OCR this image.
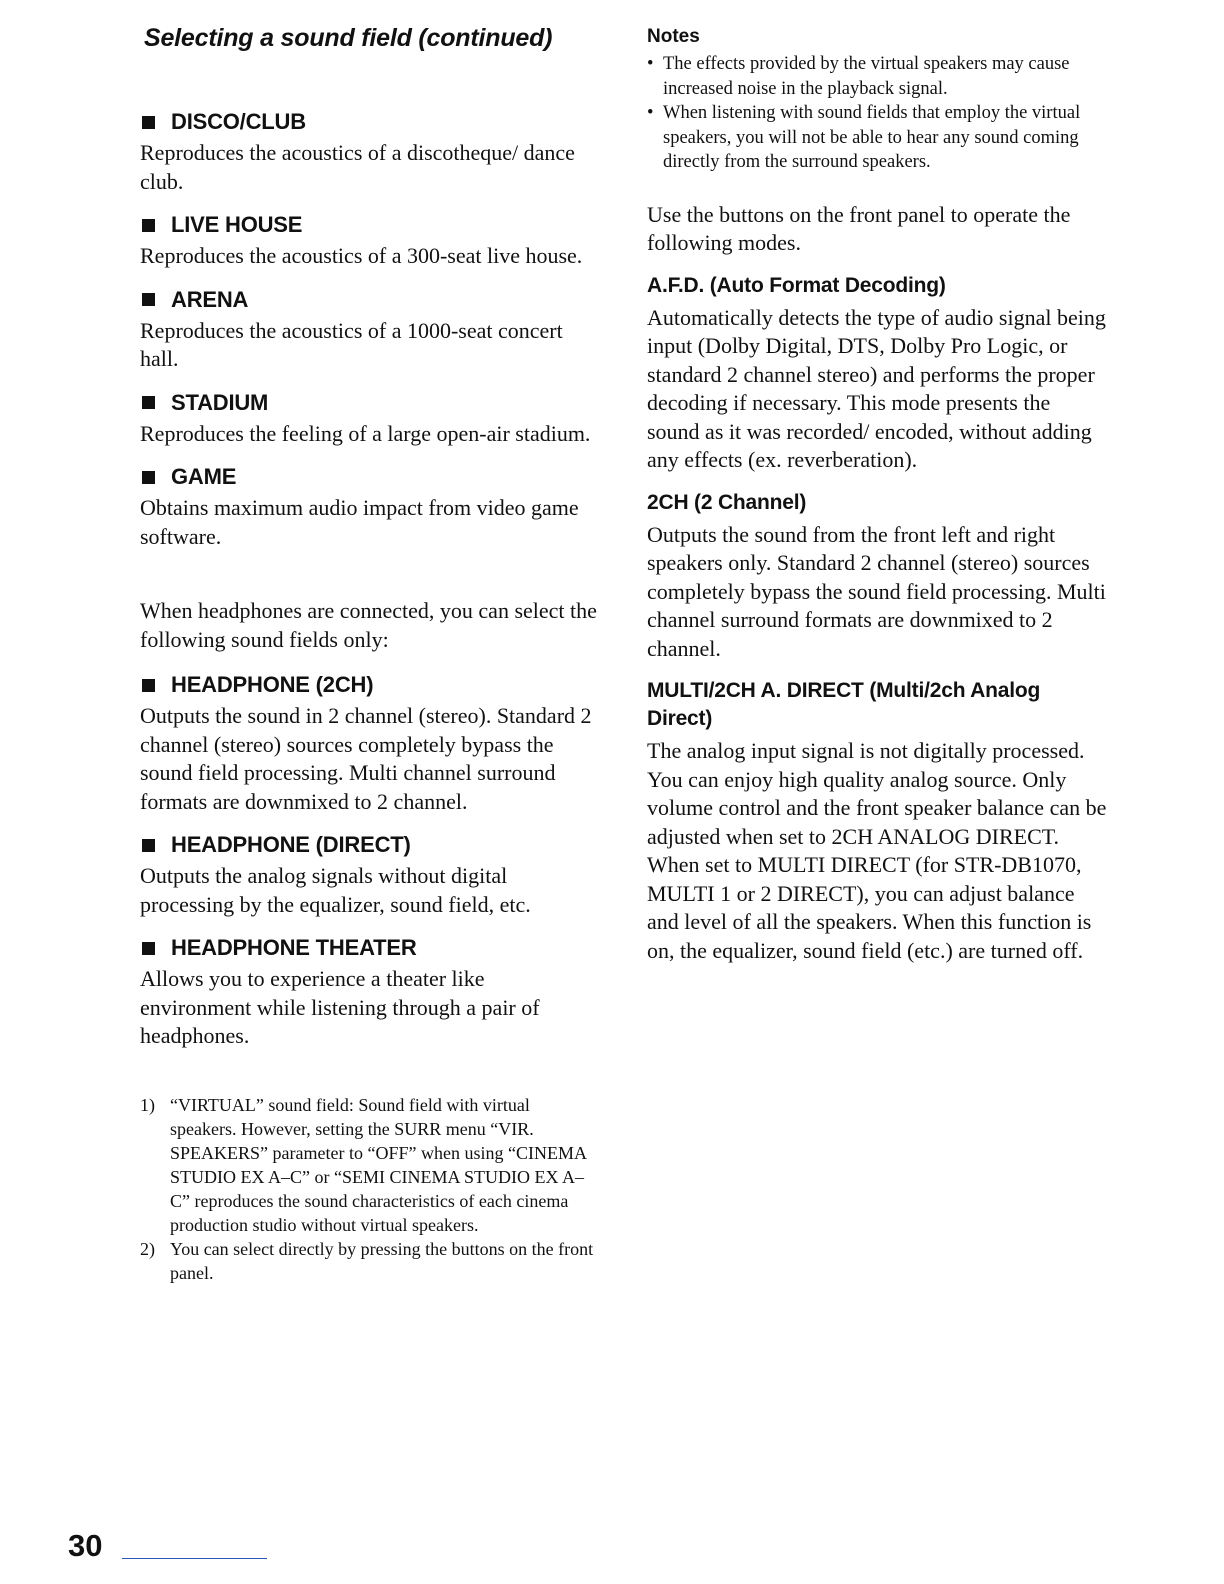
Selecting a sound field (continued)
DISCO/CLUB

Reproduces the acoustics of a discotheque/ dance club.

LIVE HOUSE

Reproduces the acoustics of a 300-seat live house.

ARENA

Reproduces the acoustics of a 1000-seat concert hall.

STADIUM

Reproduces the feeling of a large open-air stadium.

GAME

Obtains maximum audio impact from video game software.

When headphones are connected, you can select the following sound fields only:

HEADPHONE (2CH)

Outputs the sound in 2 channel (stereo). Standard 2 channel (stereo) sources completely bypass the sound field processing. Multi channel surround formats are downmixed to 2 channel.

HEADPHONE (DIRECT)

Outputs the analog signals without digital processing by the equalizer, sound field, etc.

HEADPHONE THEATER

Allows you to experience a theater like environment while listening through a pair of headphones.

1) “VIRTUAL” sound field: Sound field with virtual speakers. However, setting the SURR menu “VIR. SPEAKERS” parameter to “OFF” when using “CINEMA STUDIO EX A–C” or “SEMI CINEMA STUDIO EX A–C” reproduces the sound characteristics of each cinema production studio without virtual speakers.
2) You can select directly by pressing the buttons on the front panel.
Notes
• The effects provided by the virtual speakers may cause increased noise in the playback signal.
• When listening with sound fields that employ the virtual speakers, you will not be able to hear any sound coming directly from the surround speakers.

Use the buttons on the front panel to operate the following modes.

A.F.D. (Auto Format Decoding)

Automatically detects the type of audio signal being input (Dolby Digital, DTS, Dolby Pro Logic, or standard 2 channel stereo) and performs the proper decoding if necessary. This mode presents the sound as it was recorded/ encoded, without adding any effects (ex. reverberation).

2CH (2 Channel)

Outputs the sound from the front left and right speakers only. Standard 2 channel (stereo) sources completely bypass the sound field processing. Multi channel surround formats are downmixed to 2 channel.

MULTI/2CH A. DIRECT (Multi/2ch Analog Direct)

The analog input signal is not digitally processed. You can enjoy high quality analog source. Only volume control and the front speaker balance can be adjusted when set to 2CH ANALOG DIRECT. When set to MULTI DIRECT (for STR-DB1070, MULTI 1 or 2 DIRECT), you can adjust balance and level of all the speakers. When this function is on, the equalizer, sound field (etc.) are turned off.

30
